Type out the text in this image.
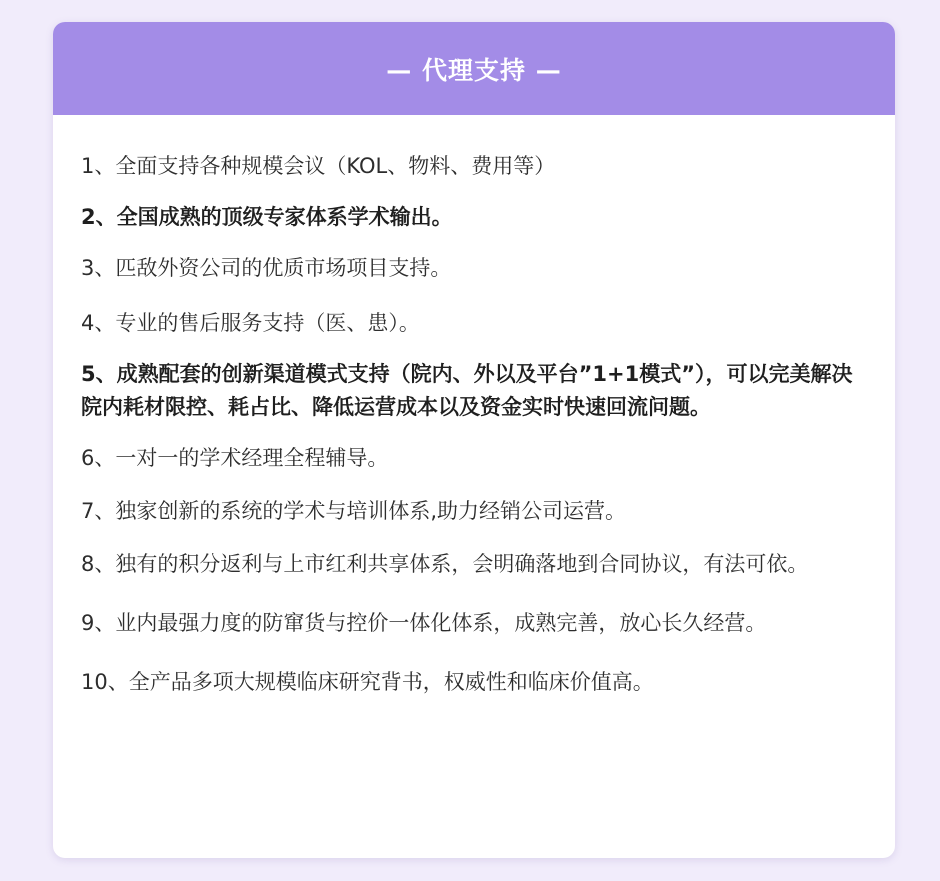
— 代理支持 —

1、全面支持各种规模会议（KOL、物料、费用等）

2、全国成熟的顶级专家体系学术输出。

3、匹敌外资公司的优质市场项目支持。

4、专业的售后服务支持（医、患）。

5、成熟配套的创新渠道模式支持（院内、外以及平台”1+1模式”），可以完美解决院内耗材限控、耗占比、降低运营成本以及资金实时快速回流问题。

6、一对一的学术经理全程辅导。

7、独家创新的系统的学术与培训体系,助力经销公司运营。

8、独有的积分返利与上市红利共享体系，会明确落地到合同协议，有法可依。

9、业内最强力度的防窜货与控价一体化体系，成熟完善，放心长久经营。

10、全产品多项大规模临床研究背书，权威性和临床价值高。
